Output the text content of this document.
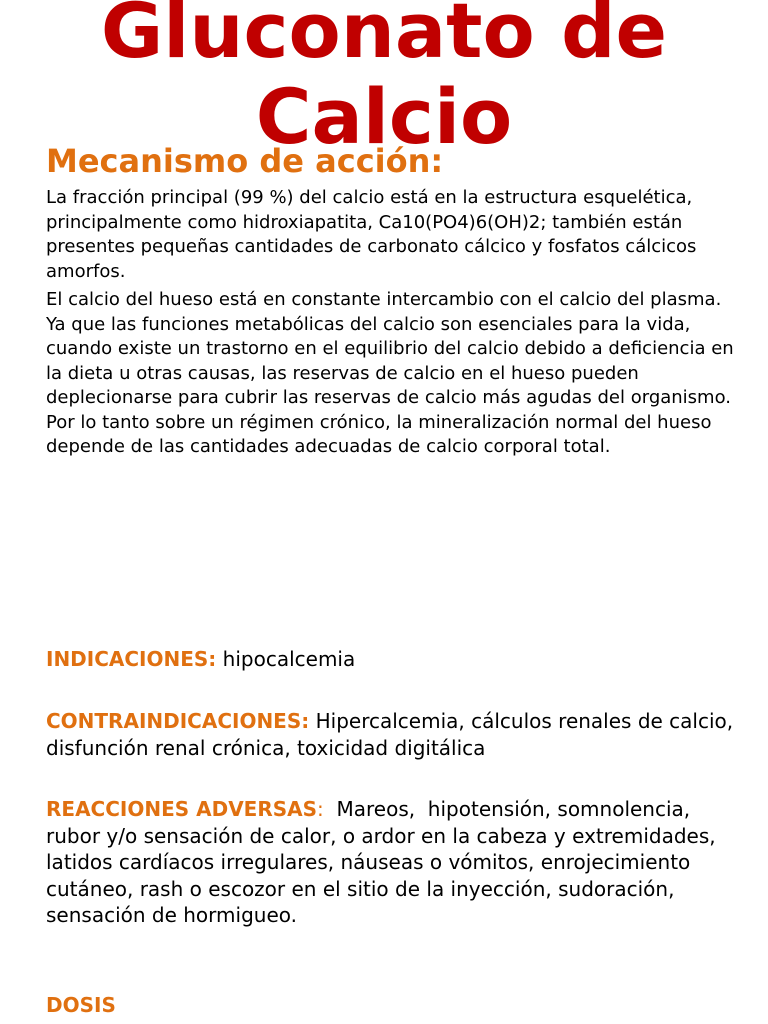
Gluconato de Calcio
Mecanismo de acción:

La fracción principal (99 %) del calcio está en la estructura esquelética, principalmente como hidroxiapatita, Ca10(PO4)6(OH)2; también están presentes pequeñas cantidades de carbonato cálcico y fosfatos cálcicos amorfos.

El calcio del hueso está en constante intercambio con el calcio del plasma. Ya que las funciones metabólicas del calcio son esenciales para la vida, cuando existe un trastorno en el equilibrio del calcio debido a deficiencia en la dieta u otras causas, las reservas de calcio en el hueso pueden deplecionarse para cubrir las reservas de calcio más agudas del organismo. Por lo tanto sobre un régimen crónico, la mineralización normal del hueso depende de las cantidades adecuadas de calcio corporal total.

INDICACIONES: hipocalcemia

CONTRAINDICACIONES: Hipercalcemia, cálculos renales de calcio, disfunción renal crónica, toxicidad digitálica

REACCIONES ADVERSAS:  Mareos,  hipotensión, somnolencia, rubor y/o sensación de calor, o ardor en la cabeza y extremidades, latidos cardíacos irregulares, náuseas o vómitos, enrojecimiento cutáneo, rash o escozor en el sitio de la inyección, sudoración, sensación de hormigueo.

DOSIS
